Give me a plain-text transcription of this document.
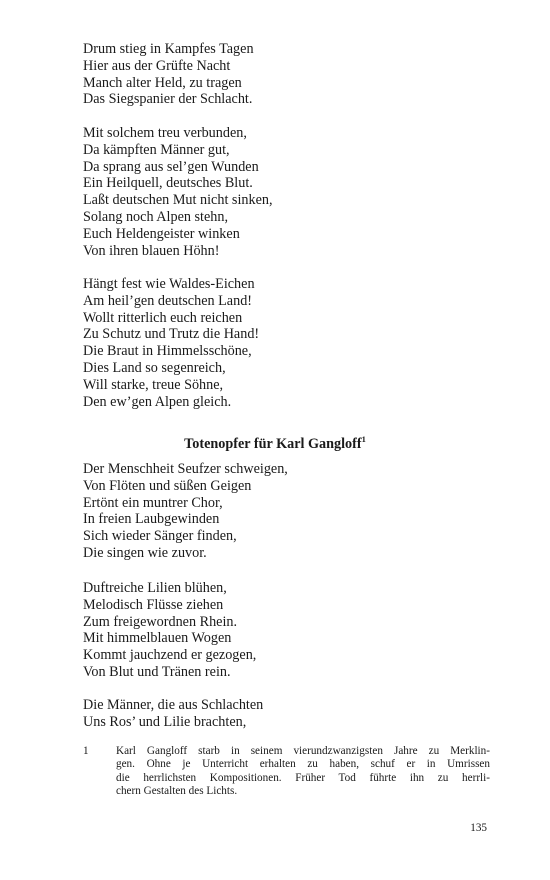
Drum stieg in Kampfes Tagen
Hier aus der Grüfte Nacht
Manch alter Held, zu tragen
Das Siegspanier der Schlacht.
Mit solchem treu verbunden,
Da kämpften Männer gut,
Da sprang aus sel’gen Wunden
Ein Heilquell, deutsches Blut.
Laßt deutschen Mut nicht sinken,
Solang noch Alpen stehn,
Euch Heldengeister winken
Von ihren blauen Höhn!
Hängt fest wie Waldes-Eichen
Am heil’gen deutschen Land!
Wollt ritterlich euch reichen
Zu Schutz und Trutz die Hand!
Die Braut in Himmelsschöne,
Dies Land so segenreich,
Will starke, treue Söhne,
Den ew’gen Alpen gleich.
Totenopfer für Karl Gangloff$^1$
Der Menschheit Seufzer schweigen,
Von Flöten und süßen Geigen
Ertönt ein muntrer Chor,
In freien Laubgewinden
Sich wieder Sänger finden,
Die singen wie zuvor.
Duftreiche Lilien blühen,
Melodisch Flüsse ziehen
Zum freigewordnen Rhein.
Mit himmelblauen Wogen
Kommt jauchzend er gezogen,
Von Blut und Tränen rein.
Die Männer, die aus Schlachten
Uns Ros’ und Lilie brachten,
1 Karl Gangloff starb in seinem vierundzwanzigsten Jahre zu Merklin-
gen. Ohne je Unterricht erhalten zu haben, schuf er in Umrissen
die herrlichsten Kompositionen. Früher Tod führte ihn zu herrli-
chern Gestalten des Lichts.
135
